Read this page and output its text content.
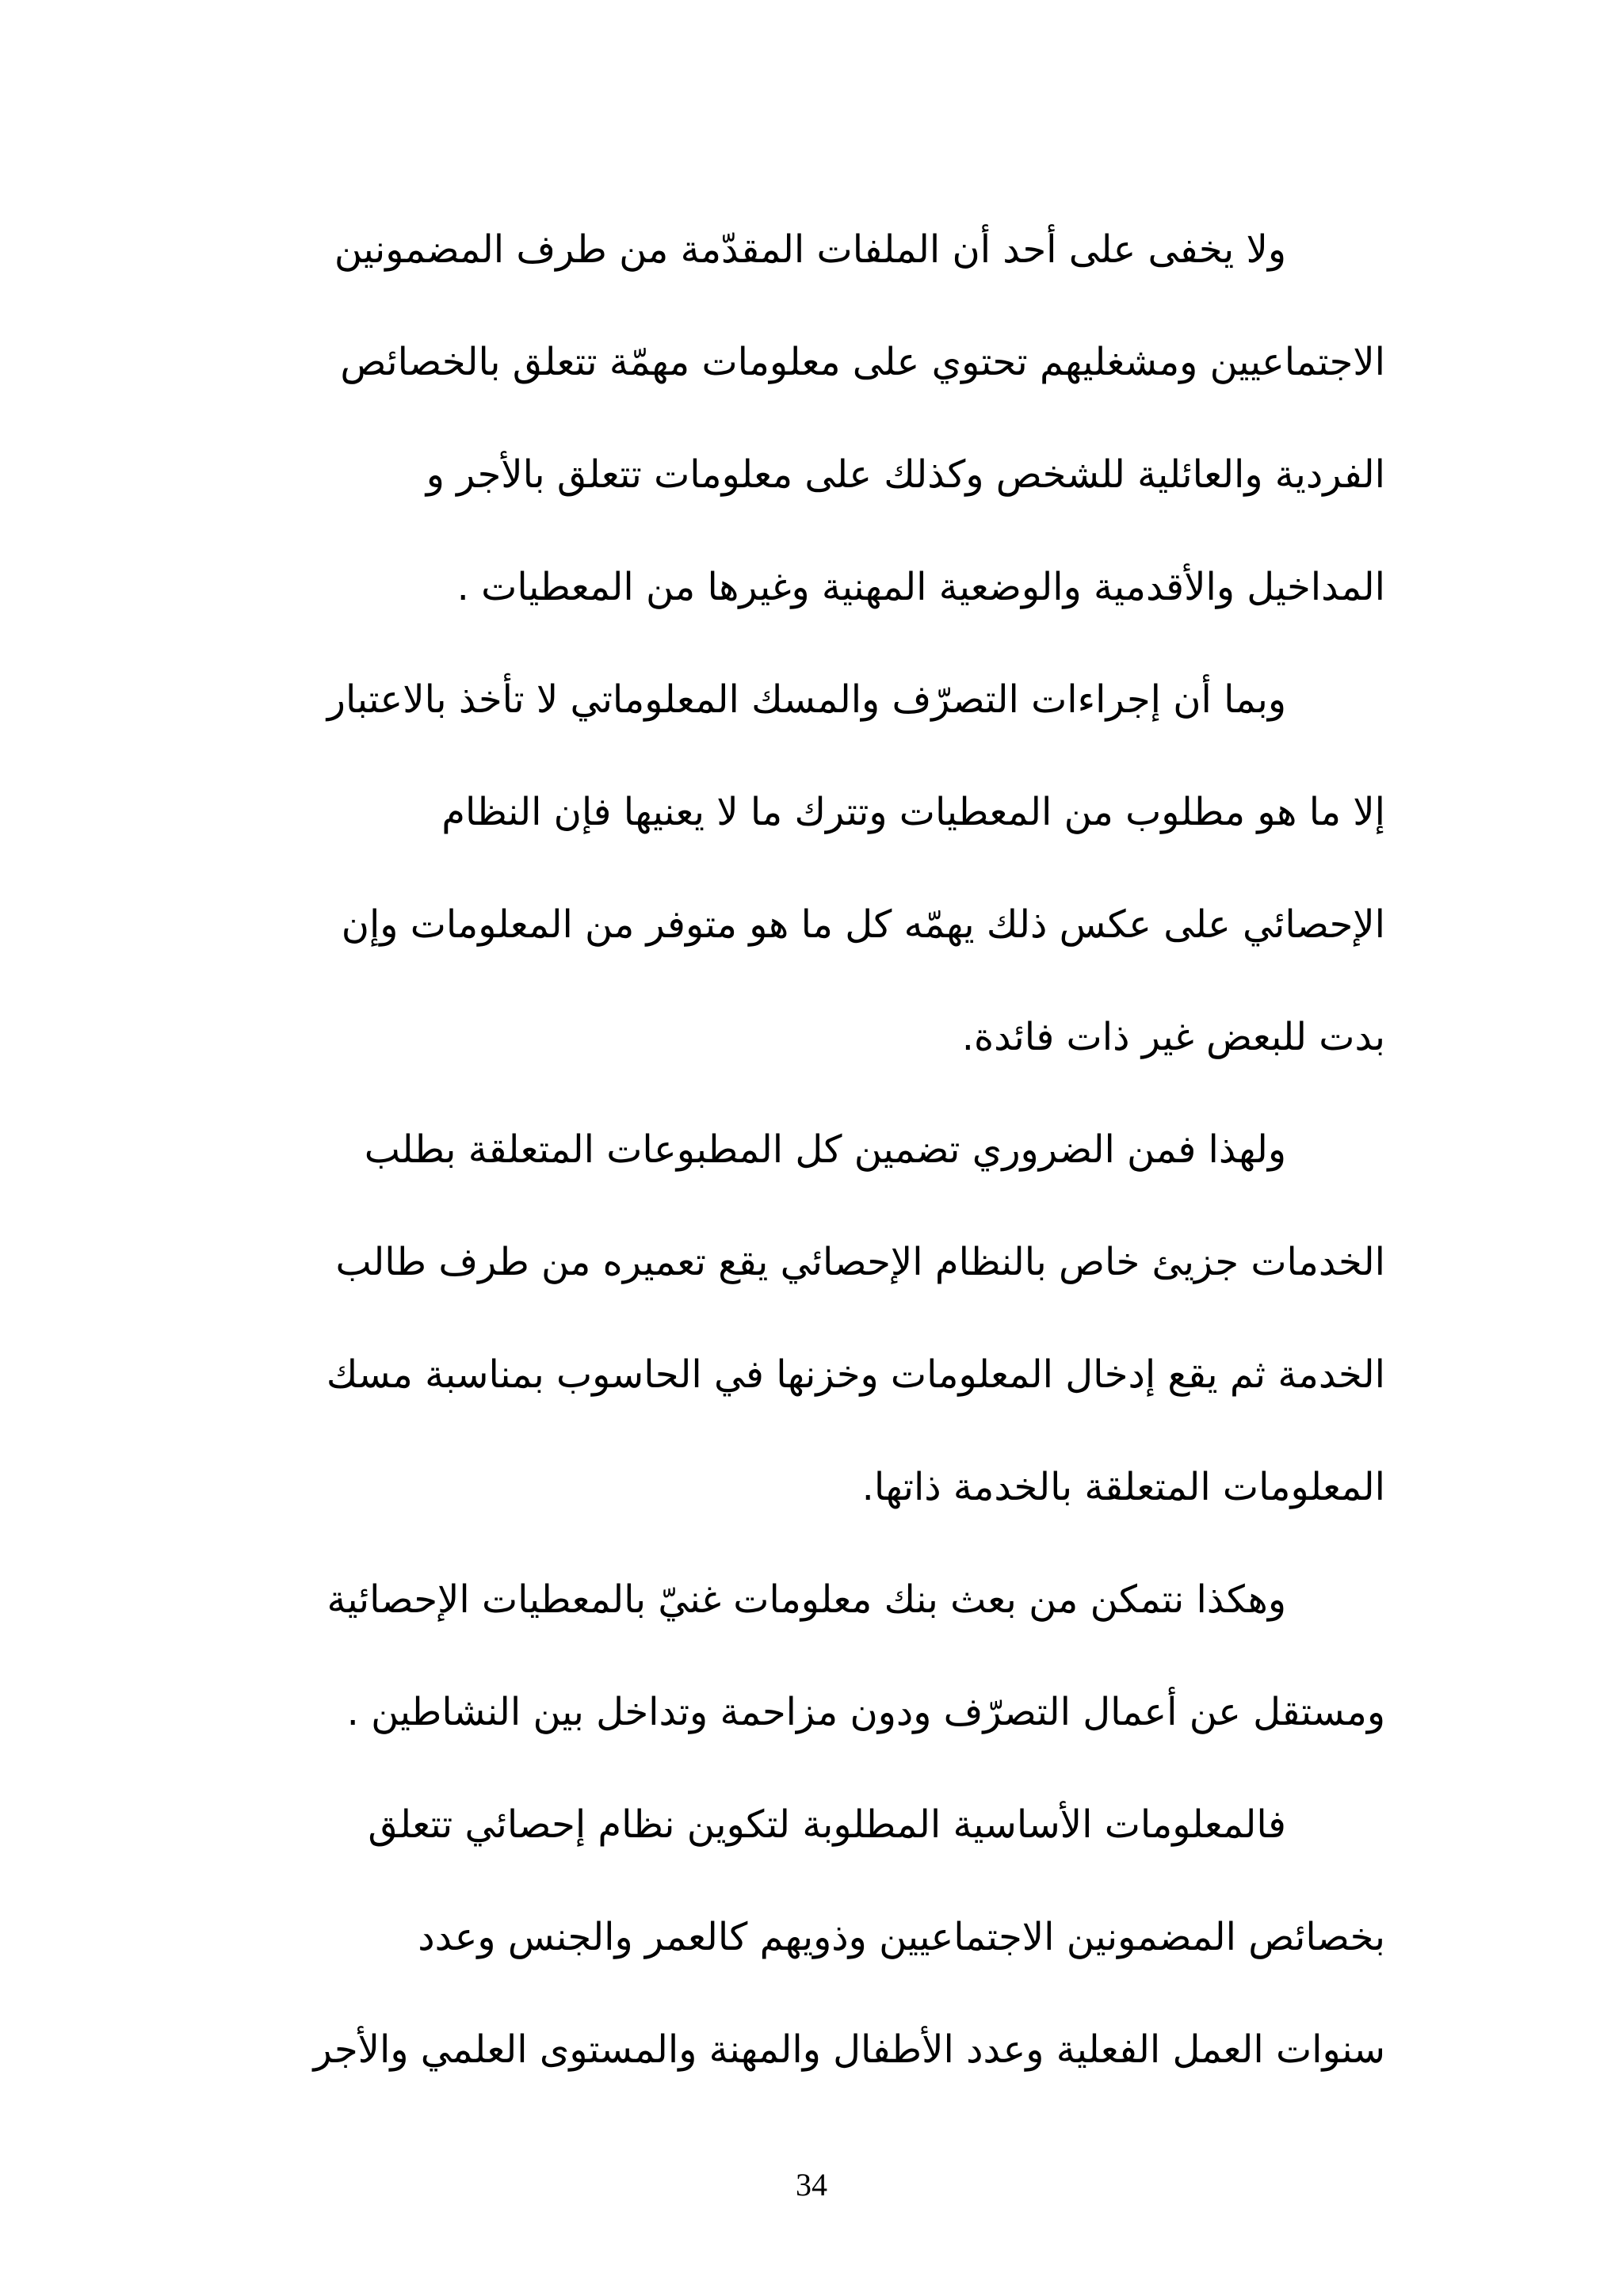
ولا يخفى على أحد أن الملفات المقدّمة من طرف المضمونين
الاجتماعيين ومشغليهم تحتوي على معلومات مهمّة تتعلق بالخصائص
الفردية والعائلية للشخص وكذلك على معلومات تتعلق بالأجر و
المداخيل والأقدمية والوضعية المهنية وغيرها من المعطيات .
وبما أن إجراءات التصرّف والمسك المعلوماتي لا تأخذ بالاعتبار
إلا ما هو مطلوب من المعطيات وتترك ما لا يعنيها فإن النظام
الإحصائي على عكس ذلك يهمّه كل ما هو متوفر من المعلومات وإن
بدت للبعض غير ذات فائدة.
ولهذا فمن الضروري تضمين كل المطبوعات المتعلقة بطلب
الخدمات جزيئ خاص بالنظام الإحصائي يقع تعميره من طرف طالب
الخدمة ثم يقع إدخال المعلومات وخزنها في الحاسوب بمناسبة مسك
المعلومات المتعلقة بالخدمة ذاتها.
وهكذا نتمكن من بعث بنك معلومات غنيّ بالمعطيات الإحصائية
ومستقل عن أعمال التصرّف ودون مزاحمة وتداخل بين النشاطين .
فالمعلومات الأساسية المطلوبة لتكوين نظام إحصائي تتعلق
بخصائص المضمونين الاجتماعيين وذويهم كالعمر والجنس وعدد
سنوات العمل الفعلية وعدد الأطفال والمهنة والمستوى العلمي والأجر
34
